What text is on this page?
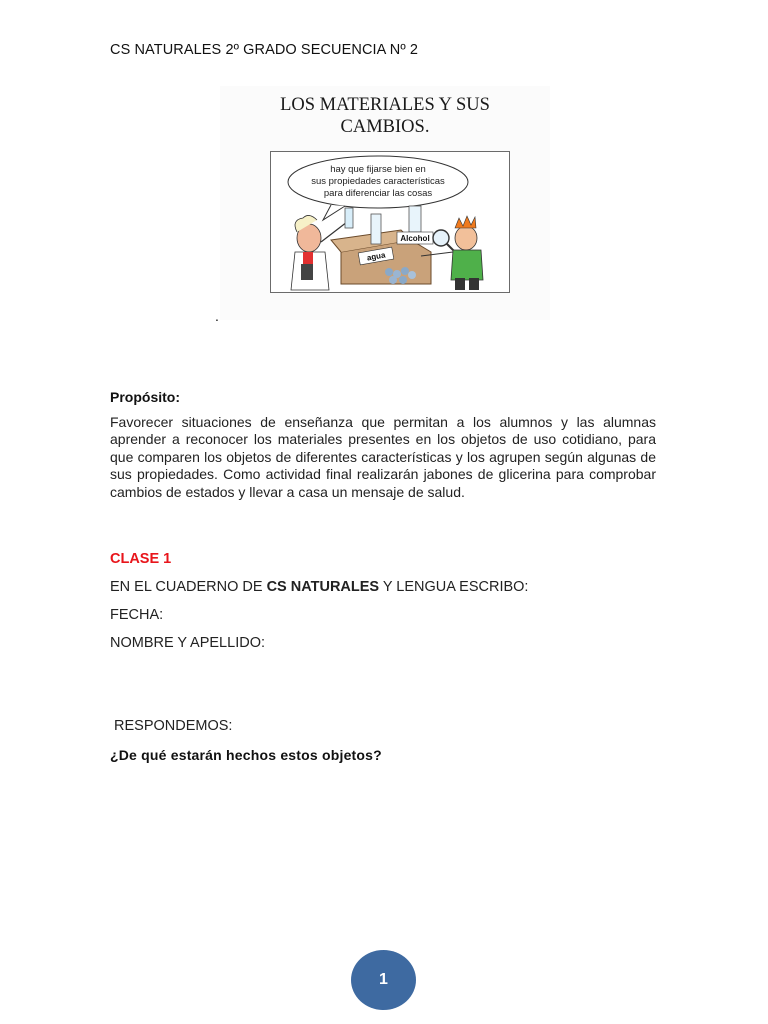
CS NATURALES 2º GRADO SECUENCIA Nº 2
LOS MATERIALES Y SUS
CAMBIOS.
hay que fijarse bien en
sus propiedades características
para diferenciar las cosas
agua
Alcohol
.
Propósito:
Favorecer situaciones de enseñanza que permitan a los alumnos y las alumnas aprender a reconocer los materiales presentes en los objetos de uso cotidiano, para que comparen los objetos de diferentes características y los agrupen según algunas de sus propiedades. Como actividad final realizarán jabones de glicerina para comprobar cambios de estados y llevar a casa un mensaje de salud.
CLASE 1
EN EL CUADERNO DE CS NATURALES Y LENGUA ESCRIBO:
FECHA:
NOMBRE Y APELLIDO:
RESPONDEMOS:
¿De qué estarán hechos estos objetos?
1
